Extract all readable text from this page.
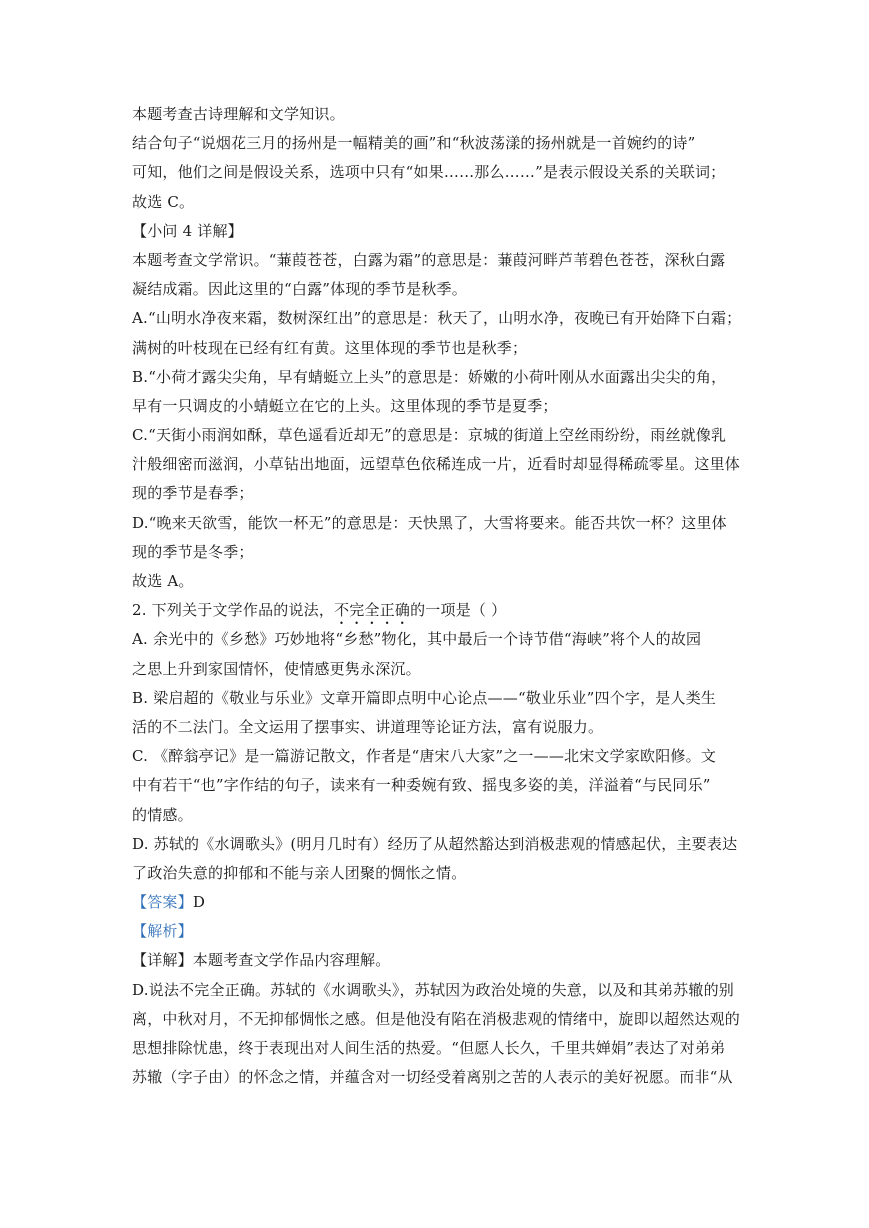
本题考查古诗理解和文学知识。
结合句子“说烟花三月的扬州是一幅精美的画”和“秋波荡漾的扬州就是一首婉约的诗”
可知，他们之间是假设关系，选项中只有“如果……那么……”是表示假设关系的关联词；
故选 C。
【小问 4 详解】
本题考查文学常识。“蒹葭苍苍，白露为霜”的意思是：蒹葭河畔芦苇碧色苍苍，深秋白露
凝结成霜。因此这里的“白露”体现的季节是秋季。
A.“山明水净夜来霜，数树深红出”的意思是：秋天了，山明水净，夜晚已有开始降下白霜；
满树的叶枝现在已经有红有黄。这里体现的季节也是秋季；
B.“小荷才露尖尖角，早有蜻蜓立上头”的意思是：娇嫩的小荷叶刚从水面露出尖尖的角，
早有一只调皮的小蜻蜓立在它的上头。这里体现的季节是夏季；
C.“天街小雨润如酥，草色遥看近却无”的意思是：京城的街道上空丝雨纷纷，雨丝就像乳
汁般细密而滋润，小草钻出地面，远望草色依稀连成一片，近看时却显得稀疏零星。这里体
现的季节是春季；
D.“晚来天欲雪，能饮一杯无”的意思是：天快黑了，大雪将要来。能否共饮一杯？这里体
现的季节是冬季；
故选 A。
2. 下列关于文学作品的说法，不完全正确的一项是（ ）
A. 余光中的《乡愁》巧妙地将“乡愁”物化，其中最后一个诗节借“海峡”将个人的故园
之思上升到家国情怀，使情感更隽永深沉。
B. 梁启超的《敬业与乐业》文章开篇即点明中心论点——“敬业乐业”四个字，是人类生
活的不二法门。全文运用了摆事实、讲道理等论证方法，富有说服力。
C. 《醉翁亭记》是一篇游记散文，作者是“唐宋八大家”之一——北宋文学家欧阳修。文
中有若干“也”字作结的句子，读来有一种委婉有致、摇曳多姿的美，洋溢着“与民同乐”
的情感。
D. 苏轼的《水调歌头》(明月几时有）经历了从超然豁达到消极悲观的情感起伏，主要表达
了政治失意的抑郁和不能与亲人团聚的惆怅之情。
【答案】D
【解析】
【详解】本题考查文学作品内容理解。
D.说法不完全正确。苏轼的《水调歌头》，苏轼因为政治处境的失意，以及和其弟苏辙的别
离，中秋对月，不无抑郁惆怅之感。但是他没有陷在消极悲观的情绪中，旋即以超然达观的
思想排除忧患，终于表现出对人间生活的热爱。“但愿人长久，千里共婵娟”表达了对弟弟
苏辙（字子由）的怀念之情，并蕴含对一切经受着离别之苦的人表示的美好祝愿。而非“从
